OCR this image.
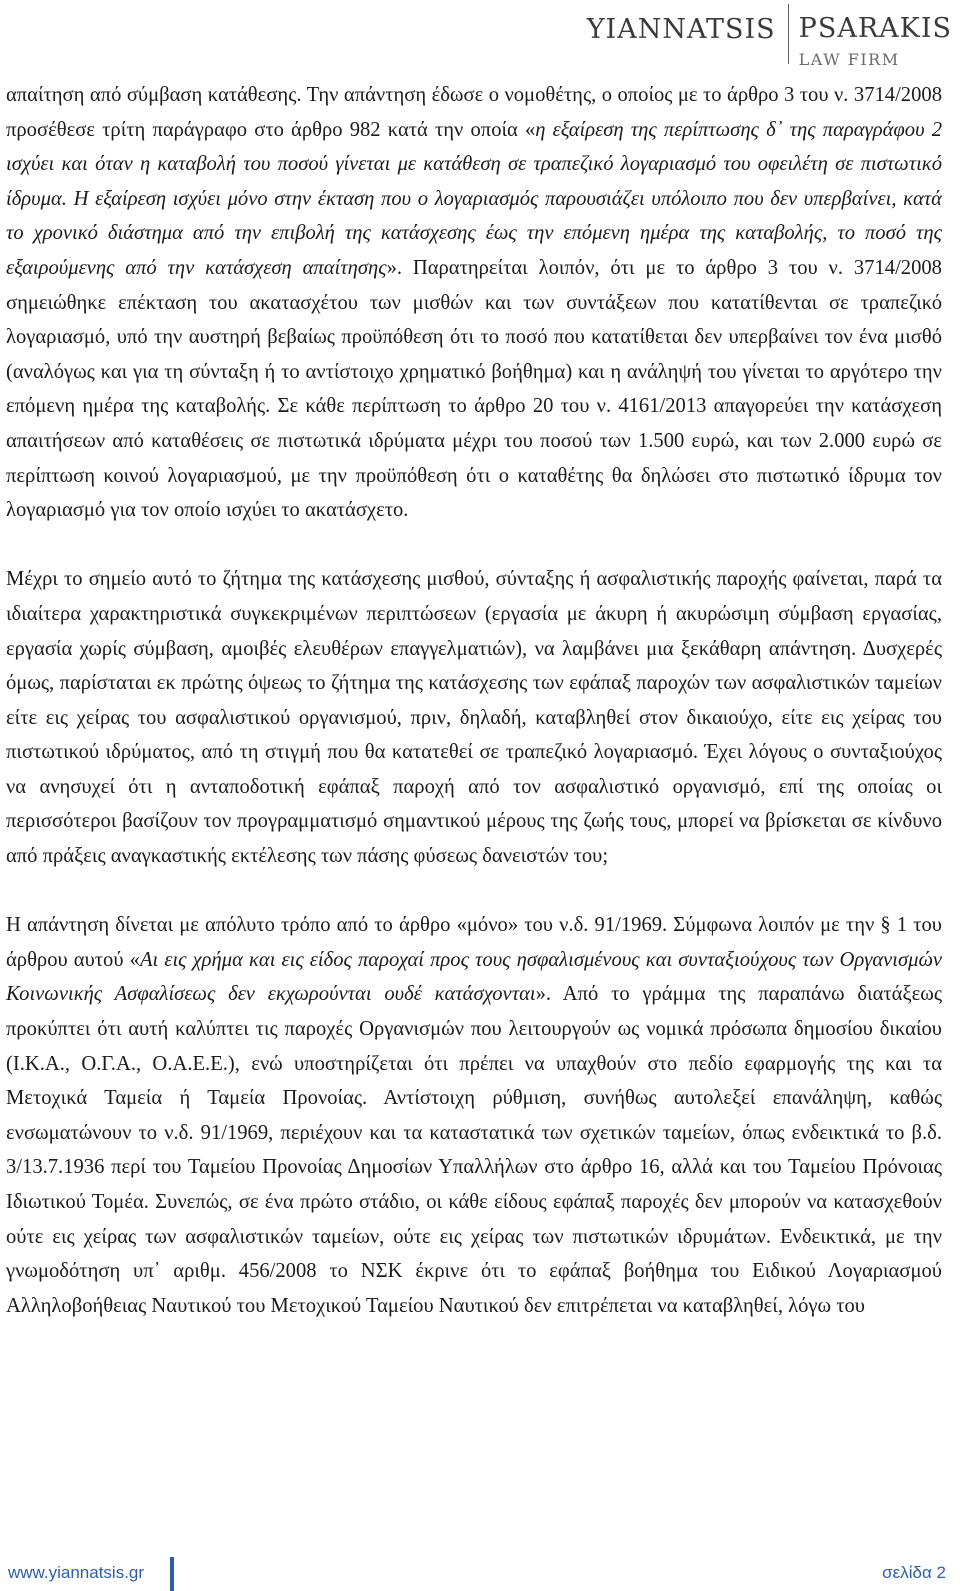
YIANNATSIS PSARAKIS
LAW FIRM

απαίτηση από σύμβαση κατάθεσης. Την απάντηση έδωσε ο νομοθέτης, ο οποίος με το άρθρο 3 του ν. 3714/2008 προσέθεσε τρίτη παράγραφο στο άρθρο 982 κατά την οποία «η εξαίρεση της περίπτωσης δ᾽ της παραγράφου 2 ισχύει και όταν η καταβολή του ποσού γίνεται με κατάθεση σε τραπεζικό λογαριασμό του οφειλέτη σε πιστωτικό ίδρυμα. Η εξαίρεση ισχύει μόνο στην έκταση που ο λογαριασμός παρουσιάζει υπόλοιπο που δεν υπερβαίνει, κατά το χρονικό διάστημα από την επιβολή της κατάσχεσης έως την επόμενη ημέρα της καταβολής, το ποσό της εξαιρούμενης από την κατάσχεση απαίτησης». Παρατηρείται λοιπόν, ότι με το άρθρο 3 του ν. 3714/2008 σημειώθηκε επέκταση του ακατασχέτου των μισθών και των συντάξεων που κατατίθενται σε τραπεζικό λογαριασμό, υπό την αυστηρή βεβαίως προϋπόθεση ότι το ποσό που κατατίθεται δεν υπερβαίνει τον ένα μισθό (αναλόγως και για τη σύνταξη ή το αντίστοιχο χρηματικό βοήθημα) και η ανάληψή του γίνεται το αργότερο την επόμενη ημέρα της καταβολής. Σε κάθε περίπτωση το άρθρο 20 του ν. 4161/2013 απαγορεύει την κατάσχεση απαιτήσεων από καταθέσεις σε πιστωτικά ιδρύματα μέχρι του ποσού των 1.500 ευρώ, και των 2.000 ευρώ σε περίπτωση κοινού λογαριασμού, με την προϋπόθεση ότι ο καταθέτης θα δηλώσει στο πιστωτικό ίδρυμα τον λογαριασμό για τον οποίο ισχύει το ακατάσχετο.

Μέχρι το σημείο αυτό το ζήτημα της κατάσχεσης μισθού, σύνταξης ή ασφαλιστικής παροχής φαίνεται, παρά τα ιδιαίτερα χαρακτηριστικά συγκεκριμένων περιπτώσεων (εργασία με άκυρη ή ακυρώσιμη σύμβαση εργασίας, εργασία χωρίς σύμβαση, αμοιβές ελευθέρων επαγγελματιών), να λαμβάνει μια ξεκάθαρη απάντηση. Δυσχερές όμως, παρίσταται εκ πρώτης όψεως το ζήτημα της κατάσχεσης των εφάπαξ παροχών των ασφαλιστικών ταμείων είτε εις χείρας του ασφαλιστικού οργανισμού, πριν, δηλαδή, καταβληθεί στον δικαιούχο, είτε εις χείρας του πιστωτικού ιδρύματος, από τη στιγμή που θα κατατεθεί σε τραπεζικό λογαριασμό. Έχει λόγους ο συνταξιούχος να ανησυχεί ότι η ανταποδοτική εφάπαξ παροχή από τον ασφαλιστικό οργανισμό, επί της οποίας οι περισσότεροι βασίζουν τον προγραμματισμό σημαντικού μέρους της ζωής τους, μπορεί να βρίσκεται σε κίνδυνο από πράξεις αναγκαστικής εκτέλεσης των πάσης φύσεως δανειστών του;

Η απάντηση δίνεται με απόλυτο τρόπο από το άρθρο «μόνο» του ν.δ. 91/1969. Σύμφωνα λοιπόν με την § 1 του άρθρου αυτού «Αι εις χρήμα και εις είδος παροχαί προς τους ησφαλισμένους και συνταξιούχους των Οργανισμών Κοινωνικής Ασφαλίσεως δεν εκχωρούνται ουδέ κατάσχονται». Από το γράμμα της παραπάνω διατάξεως προκύπτει ότι αυτή καλύπτει τις παροχές Οργανισμών που λειτουργούν ως νομικά πρόσωπα δημοσίου δικαίου (Ι.Κ.Α., Ο.Γ.Α., Ο.Α.Ε.Ε.), ενώ υποστηρίζεται ότι πρέπει να υπαχθούν στο πεδίο εφαρμογής της και τα Μετοχικά Ταμεία ή Ταμεία Προνοίας. Αντίστοιχη ρύθμιση, συνήθως αυτολεξεί επανάληψη, καθώς ενσωματώνουν το ν.δ. 91/1969, περιέχουν και τα καταστατικά των σχετικών ταμείων, όπως ενδεικτικά το β.δ. 3/13.7.1936 περί του Ταμείου Προνοίας Δημοσίων Υπαλλήλων στο άρθρο 16, αλλά και του Ταμείου Πρόνοιας Ιδιωτικού Τομέα. Συνεπώς, σε ένα πρώτο στάδιο, οι κάθε είδους εφάπαξ παροχές δεν μπορούν να κατασχεθούν ούτε εις χείρας των ασφαλιστικών ταμείων, ούτε εις χείρας των πιστωτικών ιδρυμάτων. Ενδεικτικά, με την γνωμοδότηση υπ᾽ αριθμ. 456/2008 το ΝΣΚ έκρινε ότι το εφάπαξ βοήθημα του Ειδικού Λογαριασμού Αλληλοβοήθειας Ναυτικού του Μετοχικού Ταμείου Ναυτικού δεν επιτρέπεται να καταβληθεί, λόγω του

www.yiannatsis.gr	σελίδα 2
